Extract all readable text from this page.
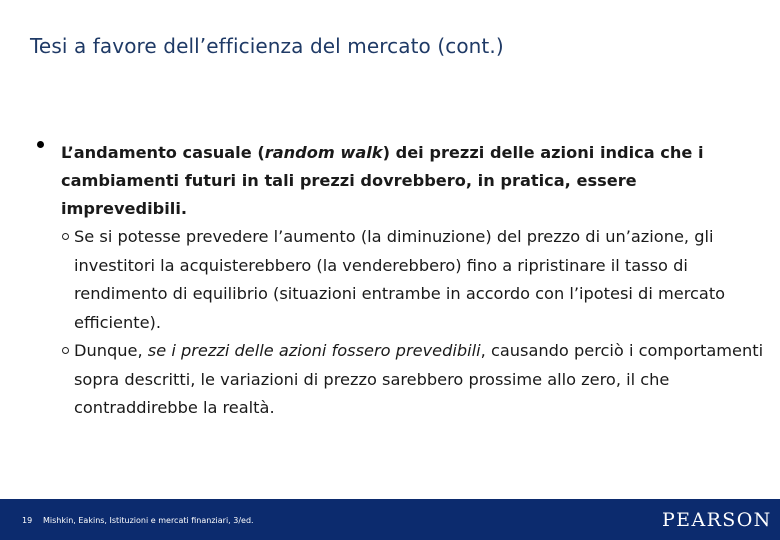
Tesi a favore dell’efficienza del mercato (cont.)
L’andamento casuale (random walk) dei prezzi delle azioni indica che i cambiamenti futuri in tali prezzi dovrebbero, in pratica, essere imprevedibili.
Se si potesse prevedere l’aumento (la diminuzione) del prezzo di un’azione, gli investitori la acquisterebbero (la venderebbero) fino a ripristinare il tasso di rendimento di equilibrio (situazioni entrambe in accordo con l’ipotesi di mercato efficiente).
Dunque, se i prezzi delle azioni fossero prevedibili, causando perciò i comportamenti sopra descritti, le variazioni di prezzo sarebbero prossime allo zero, il che contraddirebbe la realtà.
19 Mishkin, Eakins, Istituzioni e mercati finanziari, 3/ed.	PEARSON
